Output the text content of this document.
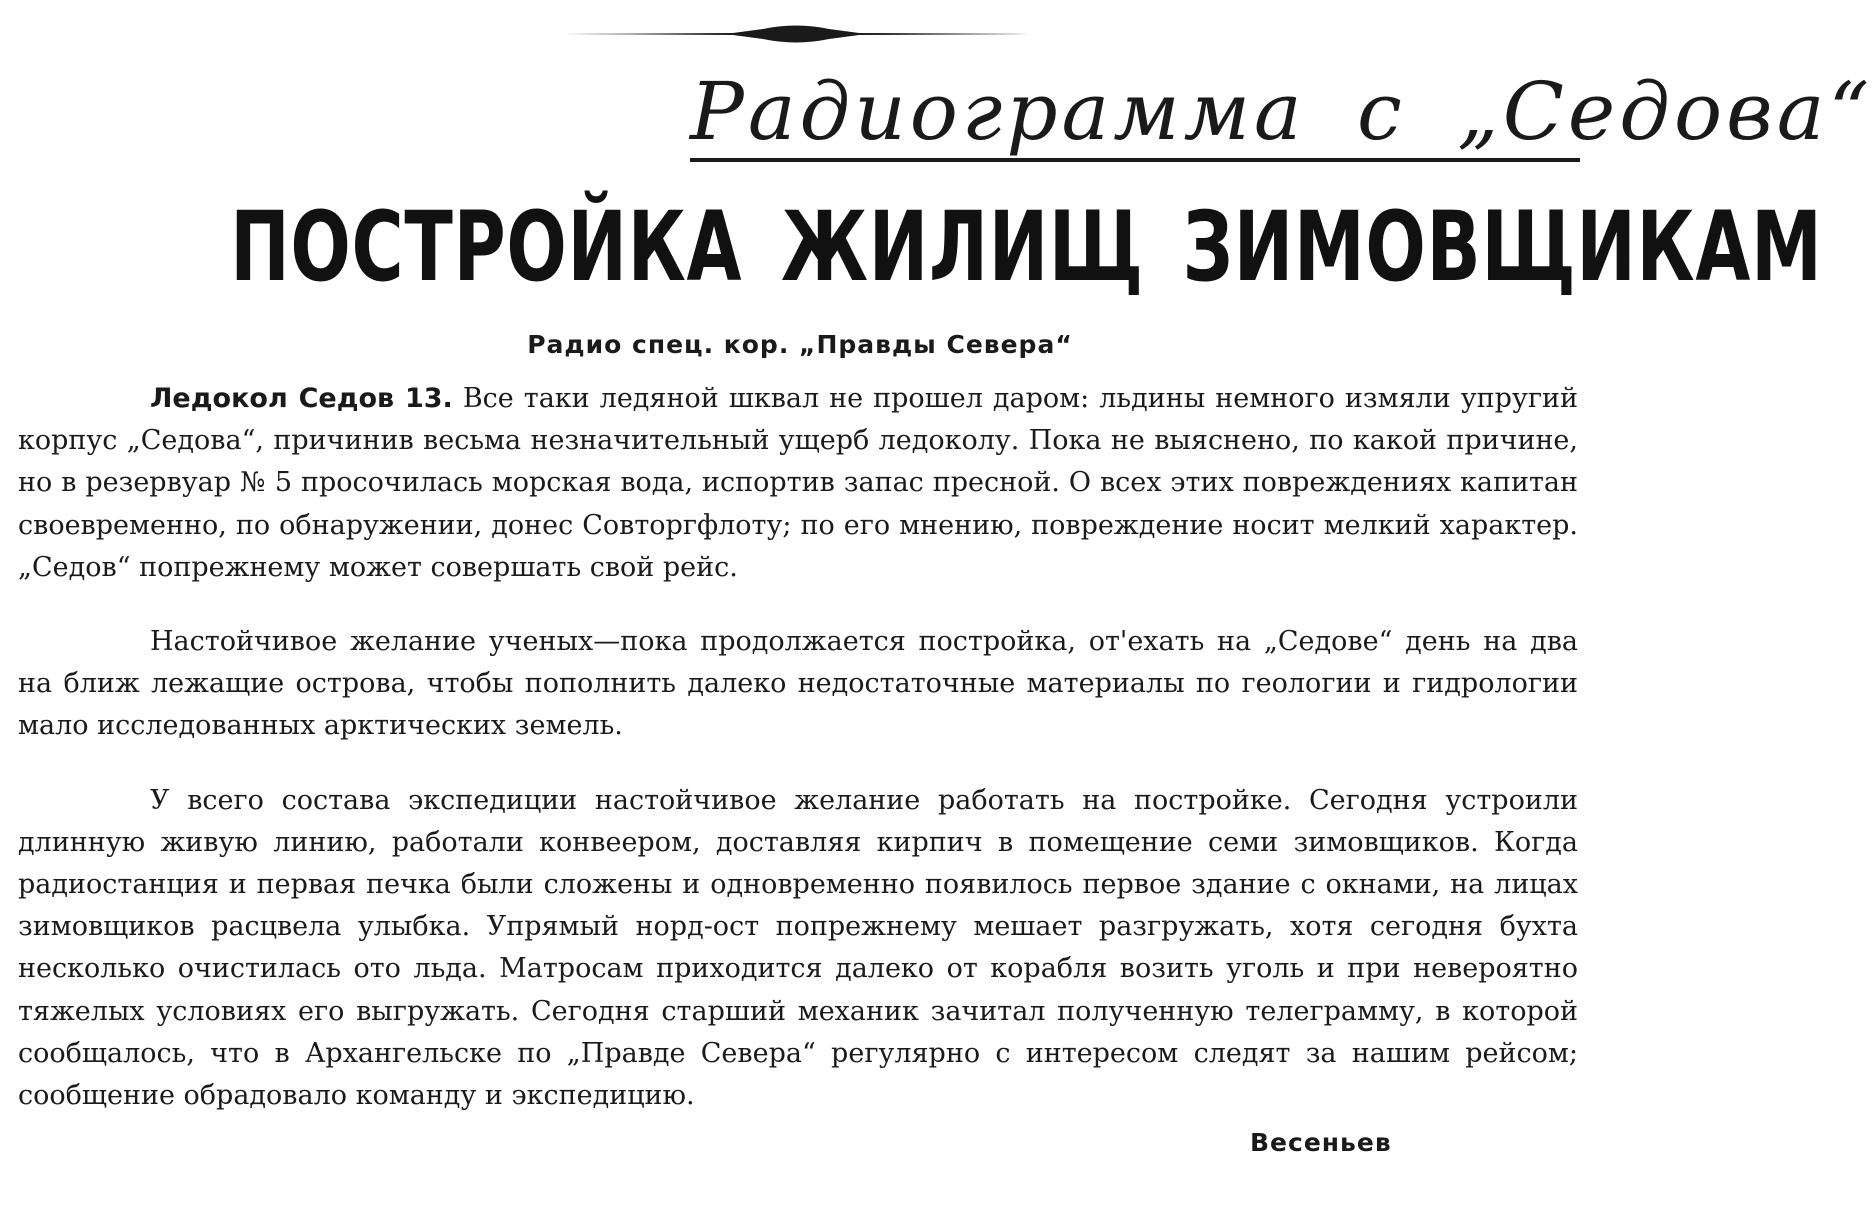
Радиограмма с „Седова“
ПОСТРОЙКА ЖИЛИЩ ЗИМОВЩИКАМ
Радио спец. кор. „Правды Севера“

Ледокол Седов 13. Все таки ледяной шквал не прошел даром: льдины немного измяли упругий корпус „Седова“, причинив весьма незначительный ущерб ледоколу. Пока не выяснено, по какой причине, но в резервуар № 5 просочилась морская вода, испортив запас пресной. О всех этих повреждениях капитан своевременно, по обнаружении, донес Совторгфлоту; по его мнению, повреждение носит мелкий характер. „Седов“ попрежнему может совершать свой рейс.

Настойчивое желание ученых—пока продолжается постройка, от'ехать на „Седове“ день на два на ближ лежащие острова, чтобы пополнить далеко недостаточные материалы по геологии и гидрологии мало исследованных арктических земель.

У всего состава экспедиции настойчивое желание работать на постройке. Сегодня устроили длинную живую линию, работали конвеером, доставляя кирпич в помещение семи зимовщиков. Когда радиостанция и первая печка были сложены и одновременно появилось первое здание с окнами, на лицах зимовщиков расцвела улыбка. Упрямый норд-ост попрежнему мешает разгружать, хотя сегодня бухта несколько очистилась ото льда. Матросам приходится далеко от корабля возить уголь и при невероятно тяжелых условиях его выгружать. Сегодня старший механик зачитал полученную телеграмму, в которой сообщалось, что в Архангельске по „Правде Севера“ регулярно с интересом следят за нашим рейсом; сообщение обрадовало команду и экспедицию.

Весеньев
